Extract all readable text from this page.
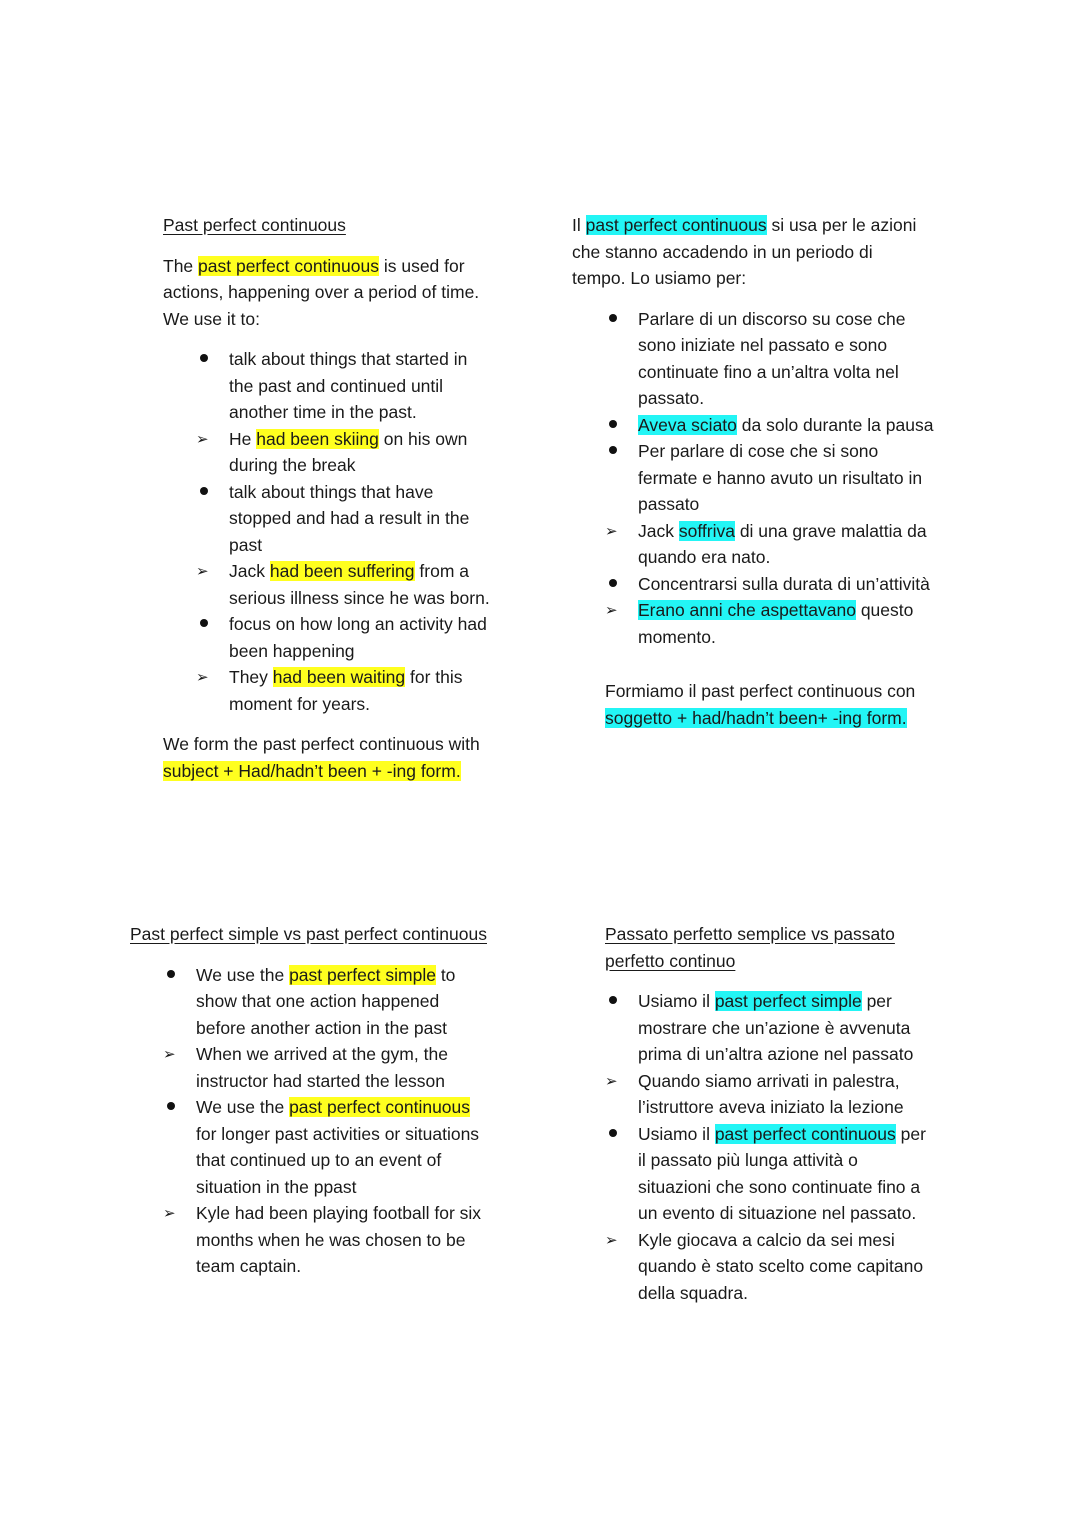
Past perfect continuous

The past perfect continuous is used for

actions, happening over a period of time.

We use it to:

talk about things that started in
the past and continued until
another time in the past.
➢	He had been skiing on his own
during the break
talk about things that have
stopped and had a result in the
past
➢	Jack had been suffering from a
serious illness since he was born.
focus on how long an activity had
been happening
➢	They had been waiting for this
moment for years.

We form the past perfect continuous with

subject + Had/hadn’t been + -ing form.

Il past perfect continuous si usa per le azioni

che stanno accadendo in un periodo di

tempo. Lo usiamo per:

Parlare di un discorso su cose che
sono iniziate nel passato e sono
continuate fino a un’altra volta nel
passato.
Aveva sciato da solo durante la pausa
Per parlare di cose che si sono
fermate e hanno avuto un risultato in
passato
➢	Jack soffriva di una grave malattia da
quando era nato.
Concentrarsi sulla durata di un’attività
➢	Erano anni che aspettavano questo
momento.

Formiamo il past perfect continuous con

soggetto + had/hadn’t been+ -ing form.

Past perfect simple vs past perfect continuous

We use the past perfect simple to
show that one action happened
before another action in the past
➢	When we arrived at the gym, the
instructor had started the lesson
We use the past perfect continuous
for longer past activities or situations
that continued up to an event of
situation in the ppast
➢	Kyle had been playing football for six
months when he was chosen to be
team captain.

Passato perfetto semplice vs passato

perfetto continuo

Usiamo il past perfect simple per
mostrare che un’azione è avvenuta
prima di un’altra azione nel passato
➢	Quando siamo arrivati in palestra,
l’istruttore aveva iniziato la lezione
Usiamo il past perfect continuous per
il passato più lunga attività o
situazioni che sono continuate fino a
un evento di situazione nel passato.
➢	Kyle giocava a calcio da sei mesi
quando è stato scelto come capitano
della squadra.
